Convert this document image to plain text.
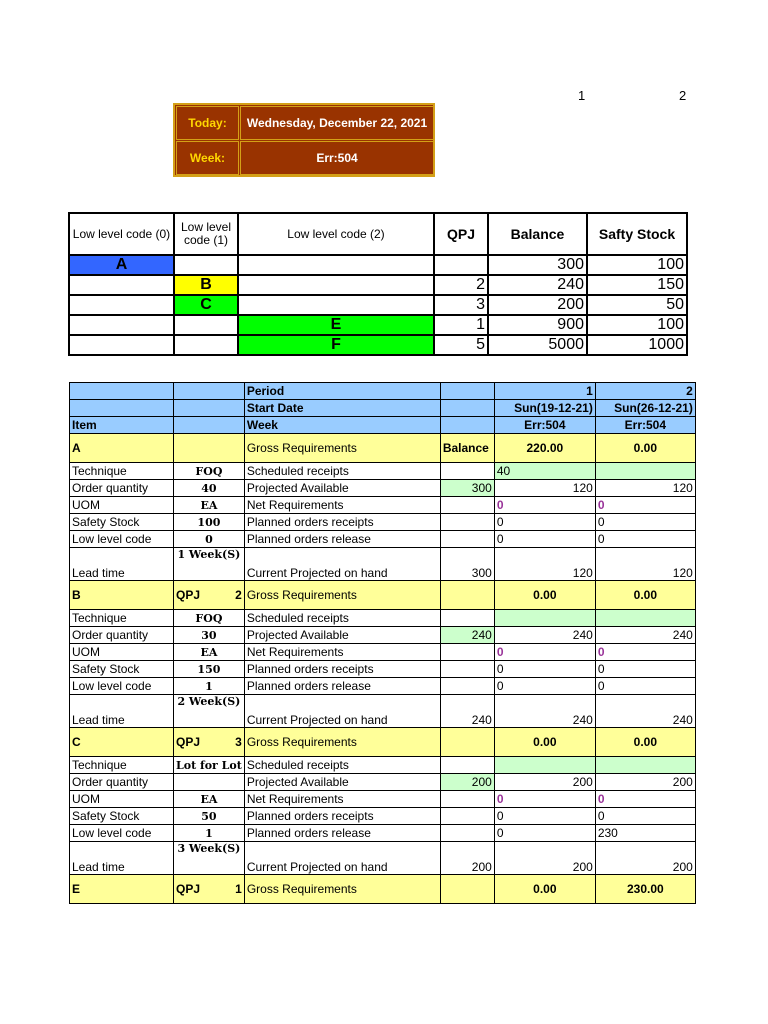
1	2
Today:	Wednesday, December 22, 2021
Week:	Err:504
Low level code (0)	Low level code (1)	Low level code (2)	QPJ	Balance	Safty Stock
A				300	100
	B		2	240	150
	C		3	200	50
		E	1	900	100
		F	5	5000	1000
		Period		1	2
		Start Date		Sun(19-12-21)	Sun(26-12-21)
Item		Week		Err:504	Err:504
A		Gross Requirements	Balance	220.00	0.00
Technique	FOQ	Scheduled receipts		40	
Order quantity	40	Projected Available	300	120	120
UOM	EA	Net Requirements		0	0
Safety Stock	100	Planned orders receipts		0	0
Low level code	0	Planned orders release		0	0
Lead time	1 Week(S)	Current Projected on hand	300	120	120
B	QPJ 2	Gross Requirements		0.00	0.00
Technique	FOQ	Scheduled receipts			
Order quantity	30	Projected Available	240	240	240
UOM	EA	Net Requirements		0	0
Safety Stock	150	Planned orders receipts		0	0
Low level code	1	Planned orders release		0	0
Lead time	2 Week(S)	Current Projected on hand	240	240	240
C	QPJ 3	Gross Requirements		0.00	0.00
Technique	Lot for Lot	Scheduled receipts			
Order quantity		Projected Available	200	200	200
UOM	EA	Net Requirements		0	0
Safety Stock	50	Planned orders receipts		0	0
Low level code	1	Planned orders release		0	230
Lead time	3 Week(S)	Current Projected on hand	200	200	200
E	QPJ 1	Gross Requirements		0.00	230.00
